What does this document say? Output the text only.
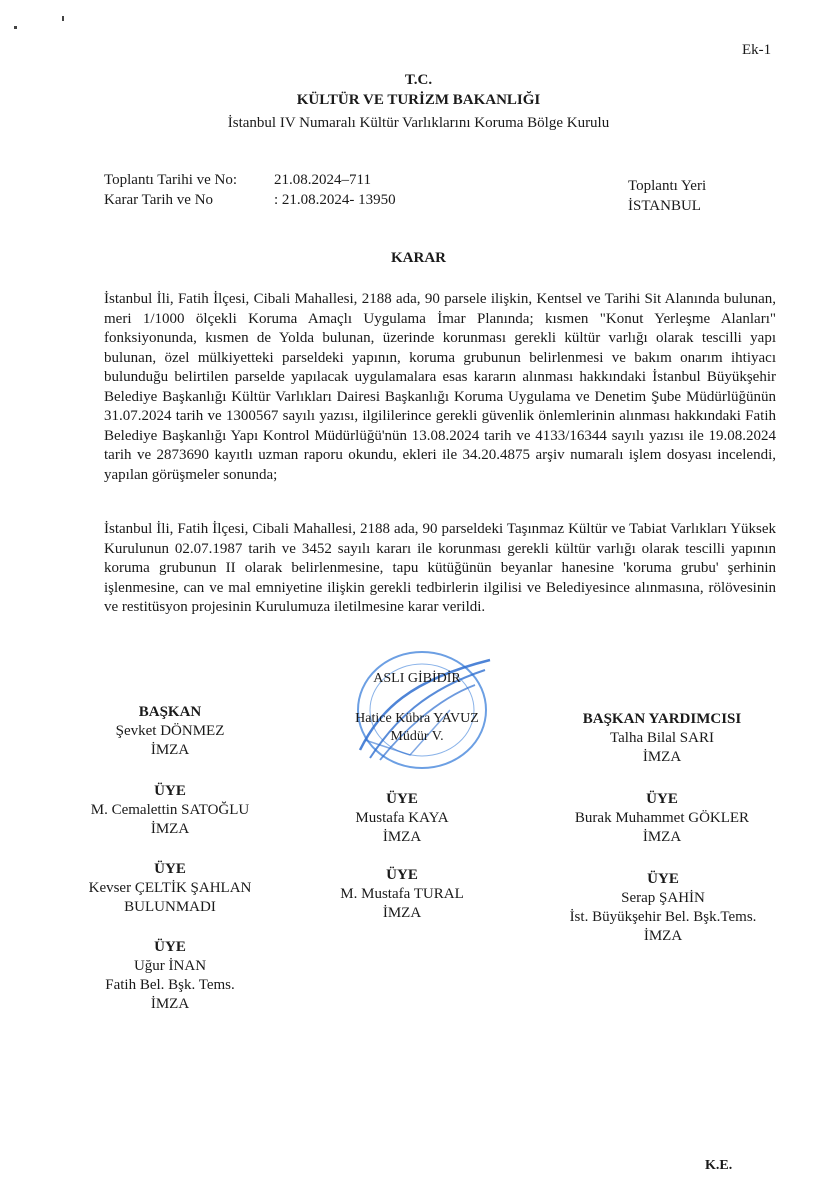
Ek-1
T.C.
KÜLTÜR VE TURİZM BAKANLIĞI
İstanbul IV Numaralı Kültür Varlıklarını Koruma Bölge Kurulu
Toplantı Tarihi ve No:	21.08.2024–711
Karar Tarih ve No	: 21.08.2024- 13950
Toplantı Yeri
İSTANBUL
KARAR
İstanbul İli, Fatih İlçesi, Cibali Mahallesi, 2188 ada, 90 parsele ilişkin, Kentsel ve Tarihi Sit Alanında bulunan, meri 1/1000 ölçekli Koruma Amaçlı Uygulama İmar Planında; kısmen "Konut Yerleşme Alanları" fonksiyonunda, kısmen de Yolda bulunan, üzerinde korunması gerekli kültür varlığı olarak tescilli yapı bulunan, özel mülkiyetteki parseldeki yapının, koruma grubunun belirlenmesi ve bakım onarım ihtiyacı bulunduğu belirtilen parselde yapılacak uygulamalara esas kararın alınması hakkındaki İstanbul Büyükşehir Belediye Başkanlığı Kültür Varlıkları Dairesi Başkanlığı Koruma Uygulama ve Denetim Şube Müdürlüğünün 31.07.2024 tarih ve 1300567 sayılı yazısı, ilgililerince gerekli güvenlik önlemlerinin alınması hakkındaki Fatih Belediye Başkanlığı Yapı Kontrol Müdürlüğü'nün 13.08.2024 tarih ve 4133/16344 sayılı yazısı ile 19.08.2024 tarih ve 2873690 kayıtlı uzman raporu okundu, ekleri ile 34.20.4875 arşiv numaralı işlem dosyası incelendi, yapılan görüşmeler sonunda;
İstanbul İli, Fatih İlçesi, Cibali Mahallesi, 2188 ada, 90 parseldeki Taşınmaz Kültür ve Tabiat Varlıkları Yüksek Kurulunun 02.07.1987 tarih ve 3452 sayılı kararı ile korunması gerekli kültür varlığı olarak tescilli yapının koruma grubunun II olarak belirlenmesine, tapu kütüğünün beyanlar hanesine 'koruma grubu' şerhinin işlenmesine, can ve mal emniyetine ilişkin gerekli tedbirlerin ilgilisi ve Belediyesince alınmasına, rölövesinin ve restitüsyon projesinin Kurulumuza iletilmesine karar verildi.
ASLI GİBİDİR
Hatice Kübra YAVUZ
Müdür V.
BAŞKAN
Şevket DÖNMEZ
İMZA
BAŞKAN YARDIMCISI
Talha Bilal SARI
İMZA
ÜYE
M. Cemalettin SATOĞLU
İMZA
ÜYE
Mustafa KAYA
İMZA
ÜYE
Burak Muhammet GÖKLER
İMZA
ÜYE
Kevser ÇELTİK ŞAHLAN
BULUNMADI
ÜYE
M. Mustafa TURAL
İMZA
ÜYE
Serap ŞAHİN
İst. Büyükşehir Bel. Bşk.Tems.
İMZA
ÜYE
Uğur İNAN
Fatih Bel. Bşk. Tems.
İMZA
K.E.
